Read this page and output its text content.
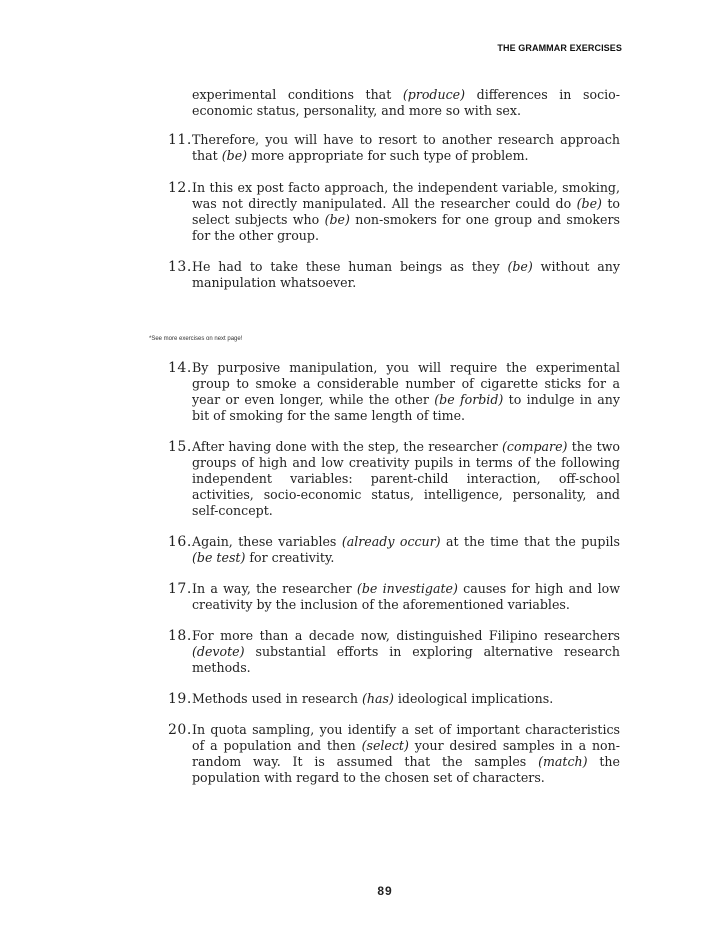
THE GRAMMAR EXERCISES

experimental conditions that (produce) differences in socio-economic status, personality, and more so with sex.

11. Therefore, you will have to resort to another research approach that (be) more appropriate for such type of problem.

12. In this ex post facto approach, the independent variable, smoking, was not directly manipulated. All the researcher could do (be) to select subjects who (be) non-smokers for one group and smokers for the other group.

13. He had to take these human beings as they (be) without any manipulation whatsoever.

*See more exercises on next page!
14. By purposive manipulation, you will require the experimental group to smoke a considerable number of cigarette sticks for a year or even longer, while the other (be forbid) to indulge in any bit of smoking for the same length of time.

15. After having done with the step, the researcher (compare) the two groups of high and low creativity pupils in terms of the following independent variables: parent-child interaction, off-school activities, socio-economic status, intelligence, personality, and self-concept.

16. Again, these variables (already occur) at the time that the pupils (be test) for creativity.

17. In a way, the researcher (be investigate) causes for high and low creativity by the inclusion of the aforementioned variables.

18. For more than a decade now, distinguished Filipino researchers (devote) substantial efforts in exploring alternative research methods.

19. Methods used in research (has) ideological implications.

20. In quota sampling, you identify a set of important characteristics of a population and then (select) your desired samples in a non-random way. It is assumed that the samples (match) the population with regard to the chosen set of characters.

89
